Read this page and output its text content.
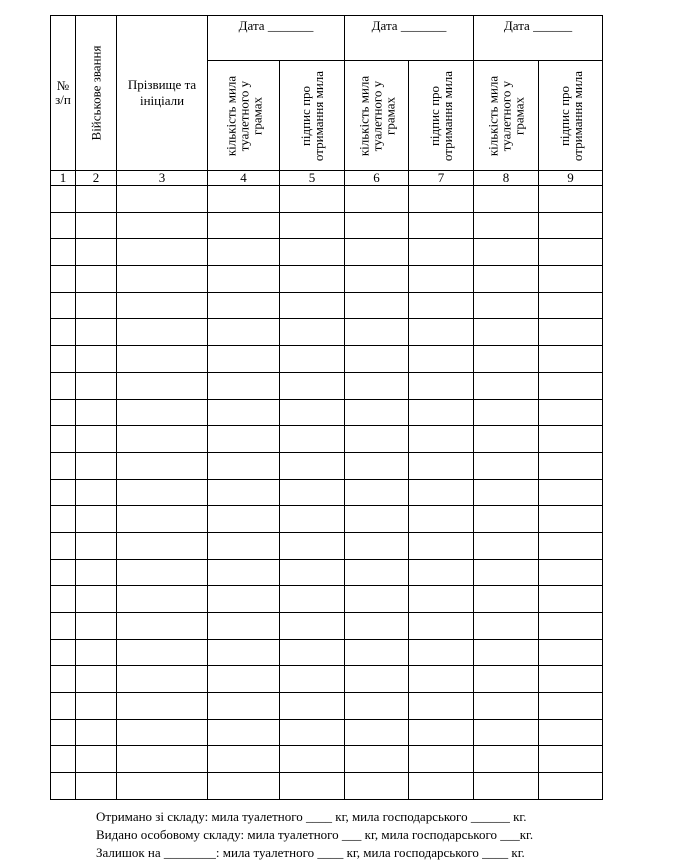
№ з/п	Військове звання	Прізвище та ініціали	Дата _______		Дата _______		Дата ______	

			кількість мила
туалетного у
грамах	підпис про
отримання мила	кількість мила
туалетного у
грамах	підпис про
отримання мила	кількість мила
туалетного у
грамах	підпис про
отримання мила

1	2	3	4	5	6	7	8	9

Отримано зі складу: мила туалетного ____ кг, мила господарського ______ кг.
Видано особовому складу: мила туалетного ___ кг, мила господарського ___кг.
Залишок на ________: мила туалетного ____ кг, мила господарського ____ кг.
